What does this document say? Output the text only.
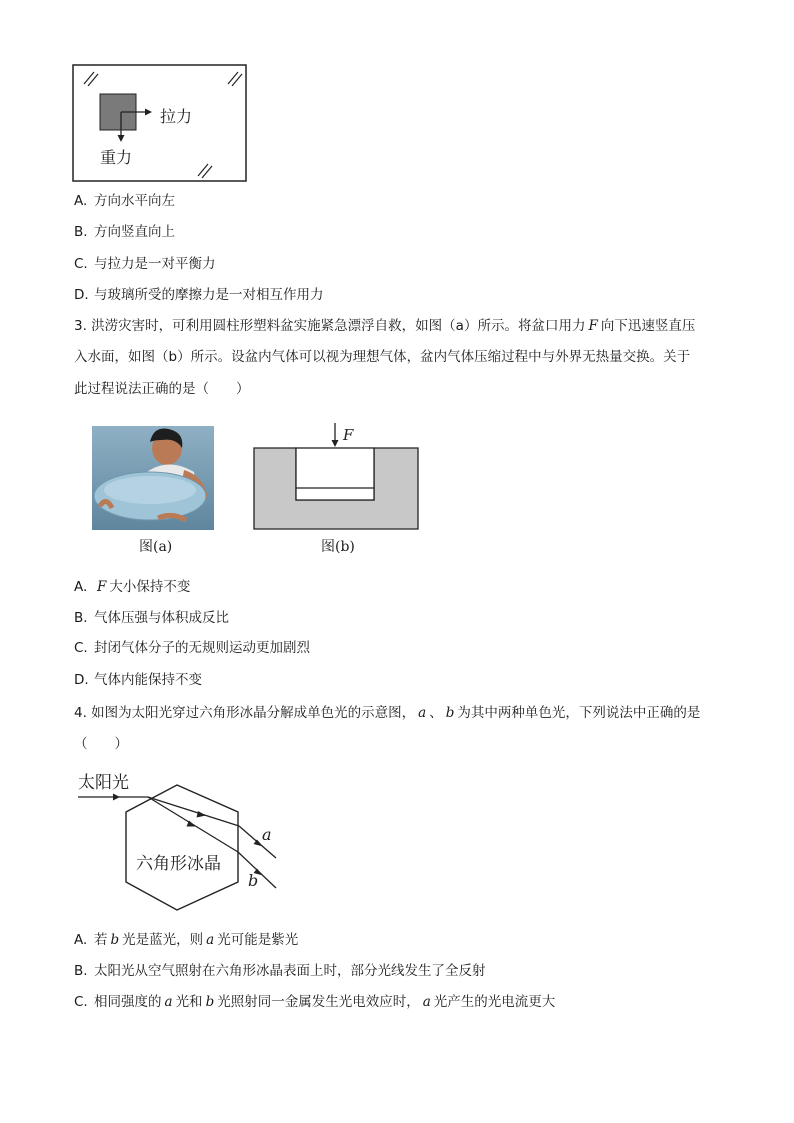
拉力
重力
A. 方向水平向左
B. 方向竖直向上
C. 与拉力是一对平衡力
D. 与玻璃所受的摩擦力是一对相互作用力
3. 洪涝灾害时，可利用圆柱形塑料盆实施紧急漂浮自救，如图（a）所示。将盆口用力 F 向下迅速竖直压
入水面，如图（b）所示。设盆内气体可以视为理想气体，盆内气体压缩过程中与外界无热量交换。关于
此过程说法正确的是（　　）
图(a)
F
图(b)
A. F 大小保持不变
B. 气体压强与体积成反比
C. 封闭气体分子的无规则运动更加剧烈
D. 气体内能保持不变
4. 如图为太阳光穿过六角形冰晶分解成单色光的示意图， a 、 b 为其中两种单色光，下列说法中正确的是
（　　）
太阳光
六角形冰晶
a
b
A. 若 b 光是蓝光，则 a 光可能是紫光
B. 太阳光从空气照射在六角形冰晶表面上时，部分光线发生了全反射
C. 相同强度的 a 光和 b 光照射同一金属发生光电效应时， a 光产生的光电流更大
